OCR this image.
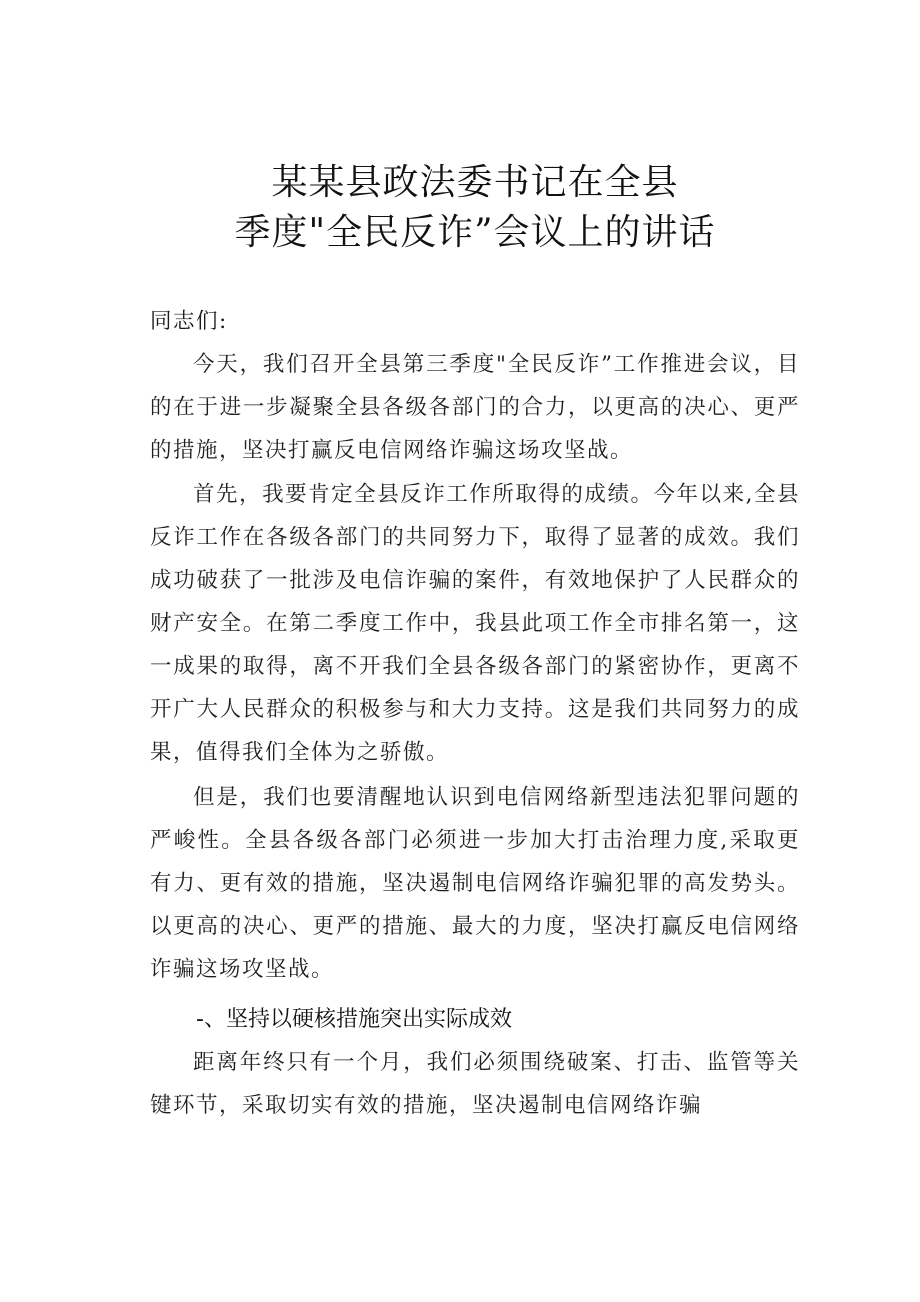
某某县政法委书记在全县
季度"全民反诈”会议上的讲话
同志们:

今天，我们召开全县第三季度"全民反诈”工作推进会议，目的在于进一步凝聚全县各级各部门的合力，以更高的决心、更严的措施，坚决打赢反电信网络诈骗这场攻坚战。

首先，我要肯定全县反诈工作所取得的成绩。今年以来,全县反诈工作在各级各部门的共同努力下，取得了显著的成效。我们成功破获了一批涉及电信诈骗的案件，有效地保护了人民群众的财产安全。在第二季度工作中，我县此项工作全市排名第一，这一成果的取得，离不开我们全县各级各部门的紧密协作，更离不开广大人民群众的积极参与和大力支持。这是我们共同努力的成果，值得我们全体为之骄傲。

但是，我们也要清醒地认识到电信网络新型违法犯罪问题的严峻性。全县各级各部门必须进一步加大打击治理力度,采取更有力、更有效的措施，坚决遏制电信网络诈骗犯罪的高发势头。以更高的决心、更严的措施、最大的力度，坚决打赢反电信网络诈骗这场攻坚战。

-、坚持以硬核措施突出实际成效

距离年终只有一个月，我们必须围绕破案、打击、监管等关键环节，采取切实有效的措施，坚决遏制电信网络诈骗
